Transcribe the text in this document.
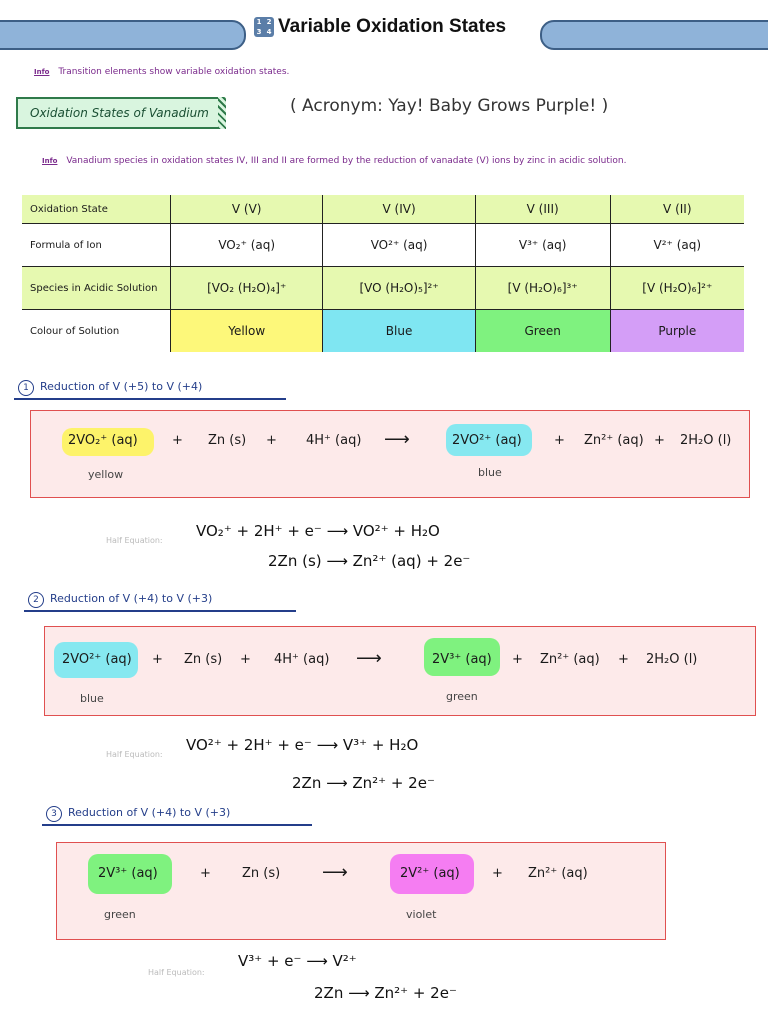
1 2
3 4 Variable Oxidation States
Info Transition elements show variable oxidation states.
Oxidation States of Vanadium	( Acronym: Yay! Baby Grows Purple! )
Info Vanadium species in oxidation states IV, III and II are formed by the reduction of vanadate (V) ions by zinc in acidic solution.
Oxidation State	V (V)	V (IV)	V (III)	V (II)
Formula of Ion	VO₂⁺ (aq)	VO²⁺ (aq)	V³⁺ (aq)	V²⁺ (aq)
Species in Acidic Solution	[VO₂ (H₂O)₄]⁺	[VO (H₂O)₅]²⁺	[V (H₂O)₆]³⁺	[V (H₂O)₆]²⁺
Colour of Solution	Yellow	Blue	Green	Purple
1 Reduction of V (+5) to V (+4)
2VO₂⁺ (aq)	+ Zn (s) + 4H⁺ (aq) ⟶	2VO²⁺ (aq) + Zn²⁺ (aq) + 2H₂O (l)
yellow	blue
Half Equation:
VO₂⁺ + 2H⁺ + e⁻ ⟶ VO²⁺ + H₂O
2Zn (s) ⟶ Zn²⁺ (aq) + 2e⁻
2 Reduction of V (+4) to V (+3)
2VO²⁺ (aq) + Zn (s) + 4H⁺ (aq) ⟶	2V³⁺ (aq) + Zn²⁺ (aq) + 2H₂O (l)
blue	green
Half Equation:
VO²⁺ + 2H⁺ + e⁻ ⟶ V³⁺ + H₂O
2Zn ⟶ Zn²⁺ + 2e⁻
3 Reduction of V (+4) to V (+3)
2V³⁺ (aq)	+ Zn (s) ⟶	2V²⁺ (aq) + Zn²⁺ (aq)
green	violet
Half Equation:
V³⁺ + e⁻ ⟶ V²⁺
2Zn ⟶ Zn²⁺ + 2e⁻
